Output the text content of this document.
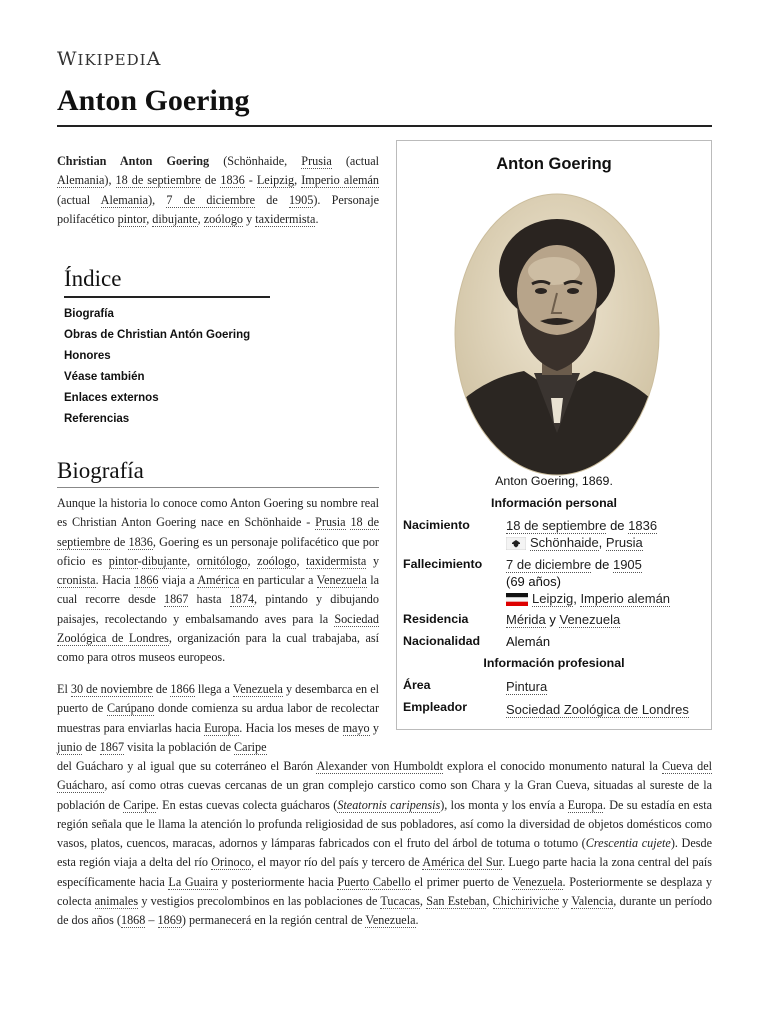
WIKIPEDIA
Anton Goering
Christian Anton Goering (Schönhaide, Prusia (actual Alemania), 18 de septiembre de 1836 - Leipzig, Imperio alemán (actual Alemania), 7 de diciembre de 1905). Personaje polifacético pintor, dibujante, zoólogo y taxidermista.
Índice
Biografía
Obras de Christian Antón Goering
Honores
Véase también
Enlaces externos
Referencias
Biografía
Aunque la historia lo conoce como Anton Goering su nombre real es Christian Anton Goering nace en Schönhaide - Prusia 18 de septiembre de 1836, Goering es un personaje polifacético que por oficio es pintor-dibujante, ornitólogo, zoólogo, taxidermista y cronista. Hacia 1866 viaja a América en particular a Venezuela la cual recorre desde 1867 hasta 1874, pintando y dibujando paisajes, recolectando y embalsamando aves para la Sociedad Zoológica de Londres, organización para la cual trabajaba, así como para otros museos europeos.
El 30 de noviembre de 1866 llega a Venezuela y desembarca en el puerto de Carúpano donde comienza su ardua labor de recolectar muestras para enviarlas hacia Europa. Hacia los meses de mayo y junio de 1867 visita la población de Caripe
del Guácharo y al igual que su coterráneo el Barón Alexander von Humboldt explora el conocido monumento natural la Cueva del Guácharo, así como otras cuevas cercanas de un gran complejo carstico como son Chara y la Gran Cueva, situadas al sureste de la población de Caripe. En estas cuevas colecta guácharos (Steatornis caripensis), los monta y los envía a Europa. De su estadía en esta región señala que le llama la atención lo profunda religiosidad de sus pobladores, así como la diversidad de objetos domésticos como vasos, platos, cuencos, maracas, adornos y lámparas fabricados con el fruto del árbol de totuma o totumo (Crescentia cujete). Desde esta región viaja a delta del río Orinoco, el mayor río del país y tercero de América del Sur. Luego parte hacia la zona central del país específicamente hacia La Guaira y posteriormente hacia Puerto Cabello el primer puerto de Venezuela. Posteriormente se desplaza y colecta animales y vestigios precolombinos en las poblaciones de Tucacas, San Esteban, Chichiriviche y Valencia, durante un período de dos años (1868 – 1869) permanecerá en la región central de Venezuela.
Anton Goering
Anton Goering, 1869.
Información personal
Nacimiento	18 de septiembre de 1836
Schönhaide, Prusia
Fallecimiento 7 de diciembre de 1905
(69 años)
Leipzig, Imperio alemán
Residencia	Mérida y Venezuela
Nacionalidad Alemán
Información profesional
Área	Pintura
Empleador	Sociedad Zoológica de Londres
